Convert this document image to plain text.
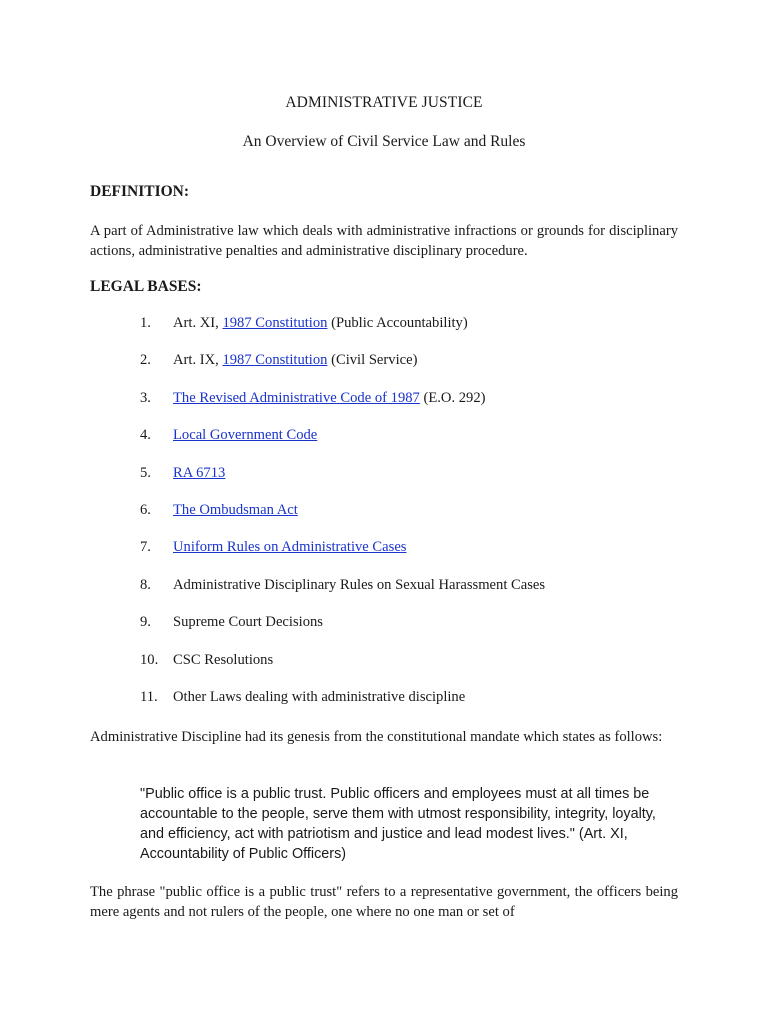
ADMINISTRATIVE JUSTICE
An Overview of Civil Service Law and Rules
DEFINITION:
A part of Administrative law which deals with administrative infractions or grounds for disciplinary actions, administrative penalties and administrative disciplinary procedure.
LEGAL BASES:
1.	Art. XI, 1987 Constitution (Public Accountability)
2.	Art. IX, 1987 Constitution (Civil Service)
3.	The Revised Administrative Code of 1987 (E.O. 292)
4.	Local Government Code
5.	RA 6713
6.	The Ombudsman Act
7.	Uniform Rules on Administrative Cases
8.	Administrative Disciplinary Rules on Sexual Harassment Cases
9.	Supreme Court Decisions
10.	CSC Resolutions
11.	Other Laws dealing with administrative discipline
Administrative Discipline had its genesis from the constitutional mandate which states as follows:
"Public office is a public trust. Public officers and employees must at all times be accountable to the people, serve them with utmost responsibility, integrity, loyalty, and efficiency, act with patriotism and justice and lead modest lives." (Art. XI, Accountability of Public Officers)
The phrase "public office is a public trust" refers to a representative government, the officers being mere agents and not rulers of the people, one where no one man or set of
